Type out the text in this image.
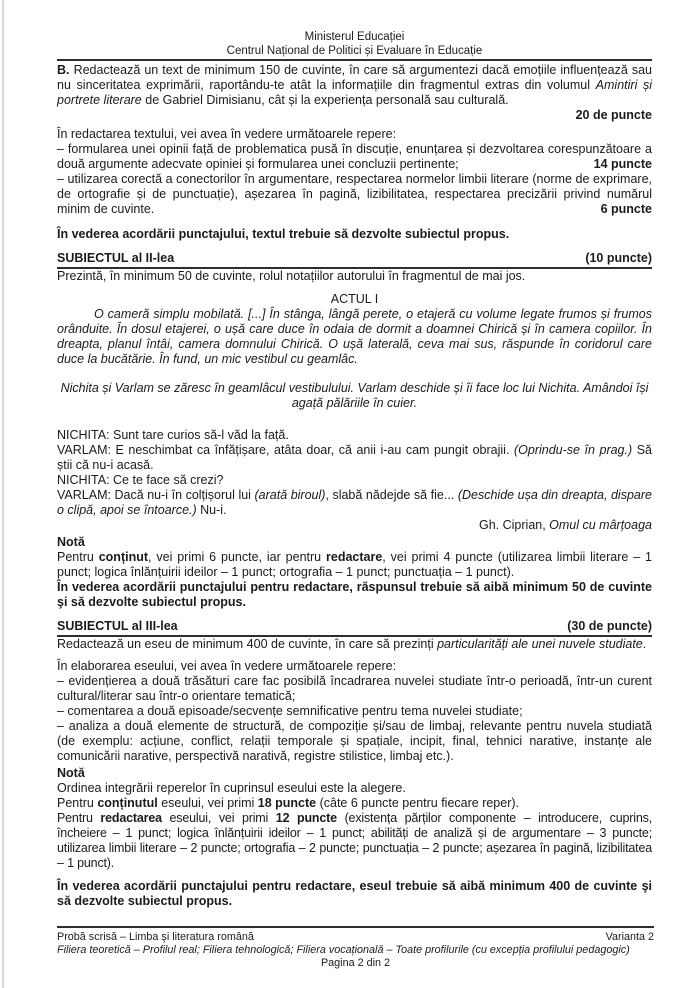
Ministerul Educației
Centrul Național de Politici și Evaluare în Educație

B. Redactează un text de minimum 150 de cuvinte, în care să argumentezi dacă emoțiile influențează sau nu sinceritatea exprimării, raportându-te atât la informațiile din fragmentul extras din volumul Amintiri și portrete literare de Gabriel Dimisianu, cât și la experiența personală sau culturală.

20 de puncte

În redactarea textului, vei avea în vedere următoarele repere:

– formularea unei opinii față de problematica pusă în discuție, enunțarea și dezvoltarea corespunzătoare a două argumente adecvate opiniei și formularea unei concluzii pertinente;	14 puncte

– utilizarea corectă a conectorilor în argumentare, respectarea normelor limbii literare (norme de exprimare, de ortografie și de punctuație), așezarea în pagină, lizibilitatea, respectarea precizării privind numărul minim de cuvinte.	6 puncte

În vederea acordării punctajului, textul trebuie să dezvolte subiectul propus.

SUBIECTUL al II-lea	(10 puncte)

Prezintă, în minimum 50 de cuvinte, rolul notațiilor autorului în fragmentul de mai jos.

ACTUL I

O cameră simplu mobilată. [...] În stânga, lângă perete, o etajeră cu volume legate frumos și frumos orânduite. În dosul etajerei, o ușă care duce în odaia de dormit a doamnei Chirică și în camera copiilor. În dreapta, planul întâi, camera domnului Chirică. O ușă laterală, ceva mai sus, răspunde în coridorul care duce la bucătărie. În fund, un mic vestibul cu geamlâc.

Nichita și Varlam se zăresc în geamlâcul vestibulului. Varlam deschide și îi face loc lui Nichita. Amândoi își agață pălăriile în cuier.

NICHITA: Sunt tare curios să-l văd la față.

VARLAM: E neschimbat ca înfățișare, atâta doar, că anii i-au cam pungit obrajii. (Oprindu-se în prag.) Să știi că nu-i acasă.

NICHITA: Ce te face să crezi?

VARLAM: Dacă nu-i în colțișorul lui (arată biroul), slabă nădejde să fie... (Deschide ușa din dreapta, dispare o clipă, apoi se întoarce.) Nu-i.

Gh. Ciprian, Omul cu mârțoaga

Notă

Pentru conținut, vei primi 6 puncte, iar pentru redactare, vei primi 4 puncte (utilizarea limbii literare – 1 punct; logica înlănțuirii ideilor – 1 punct; ortografia – 1 punct; punctuația – 1 punct).

În vederea acordării punctajului pentru redactare, răspunsul trebuie să aibă minimum 50 de cuvinte şi să dezvolte subiectul propus.

SUBIECTUL al III-lea	(30 de puncte)

Redactează un eseu de minimum 400 de cuvinte, în care să prezinți particularități ale unei nuvele studiate.

În elaborarea eseului, vei avea în vedere următoarele repere:

– evidențierea a două trăsături care fac posibilă încadrarea nuvelei studiate într-o perioadă, într-un curent cultural/literar sau într-o orientare tematică;

– comentarea a două episoade/secvențe semnificative pentru tema nuvelei studiate;

– analiza a două elemente de structură, de compoziție și/sau de limbaj, relevante pentru nuvela studiată (de exemplu: acțiune, conflict, relații temporale și spațiale, incipit, final, tehnici narative, instanțe ale comunicării narative, perspectivă narativă, registre stilistice, limbaj etc.).

Notă

Ordinea integrării reperelor în cuprinsul eseului este la alegere.

Pentru conținutul eseului, vei primi 18 puncte (câte 6 puncte pentru fiecare reper).

Pentru redactarea eseului, vei primi 12 puncte (existența părților componente – introducere, cuprins, încheiere – 1 punct; logica înlănțuirii ideilor – 1 punct; abilități de analiză și de argumentare – 3 puncte; utilizarea limbii literare – 2 puncte; ortografia – 2 puncte; punctuația – 2 puncte; așezarea în pagină, lizibilitatea – 1 punct).

În vederea acordării punctajului pentru redactare, eseul trebuie să aibă minimum 400 de cuvinte şi să dezvolte subiectul propus.

Probă scrisă – Limba şi literatura română	Varianta 2
Filiera teoretică – Profilul real; Filiera tehnologică; Filiera vocațională – Toate profilurile (cu excepția profilului pedagogic)
Pagina 2 din 2
